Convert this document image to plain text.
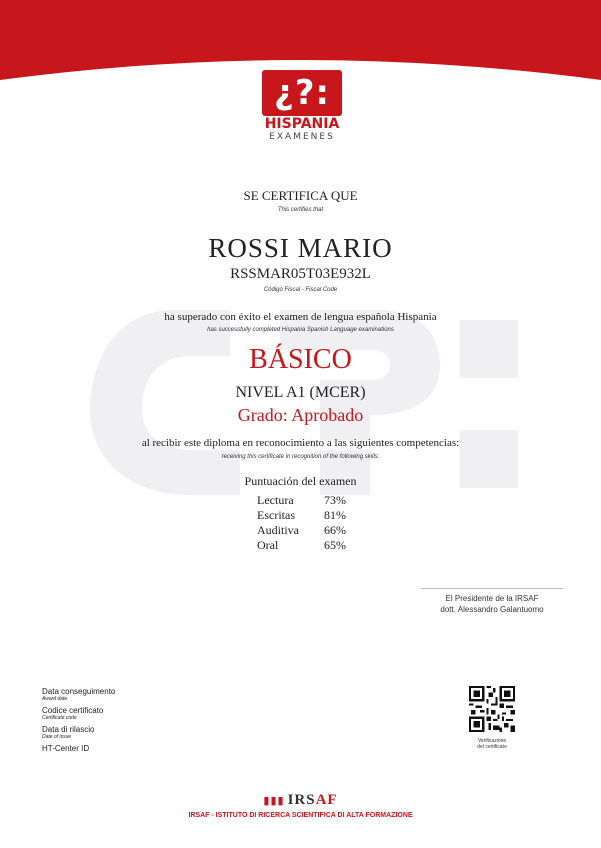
¿?:
HISPANIA
EXAMENES
SE CERTIFICA QUE
This certifies that
ROSSI MARIO
RSSMAR05T03E932L
Código Fiscal - Fiscal Code
ha superado con éxito el examen de lengua española Hispania
has successfully completed Hispania Spanish Language examinations
BÁSICO
NIVEL A1 (MCER)
Grado: Aprobado
al recibir este diploma en reconocimiento a las siguientes competencias:
receiving this certificate in recognition of the following skills:
Puntuación del examen
Lectura	73%
Escritas 81%
Auditiva 66%
Oral	65%
El Presidente de la IRSAF
dott. Alessandro Galantuomo
Data conseguimento
Award date
Codice certificato
Certificate code
Data di rilascio
Date of issue
HT-Center ID
Verificazione
del certificato
▮▮▮ IRSAF
IRSAF - ISTITUTO DI RICERCA SCIENTIFICA DI ALTA FORMAZIONE
